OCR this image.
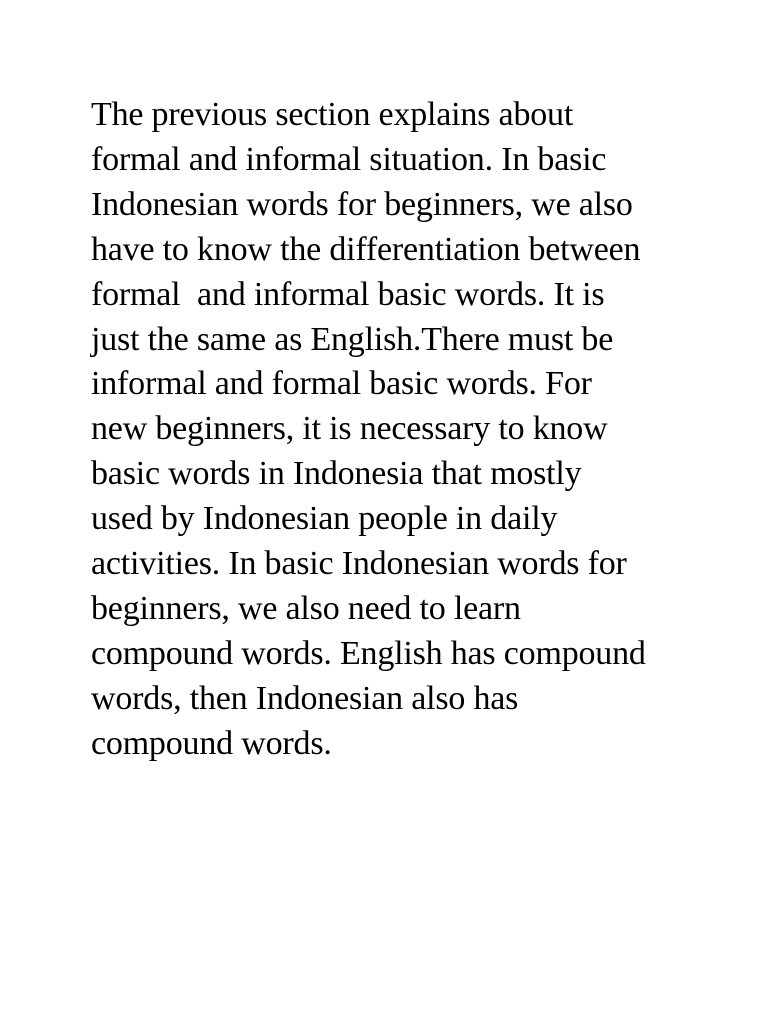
The previous section explains about
formal and informal situation. In basic
Indonesian words for beginners, we also
have to know the differentiation between
formal  and informal basic words. It is
just the same as English.There must be
informal and formal basic words. For
new beginners, it is necessary to know
basic words in Indonesia that mostly
used by Indonesian people in daily
activities. In basic Indonesian words for
beginners, we also need to learn
compound words. English has compound
words, then Indonesian also has
compound words.
